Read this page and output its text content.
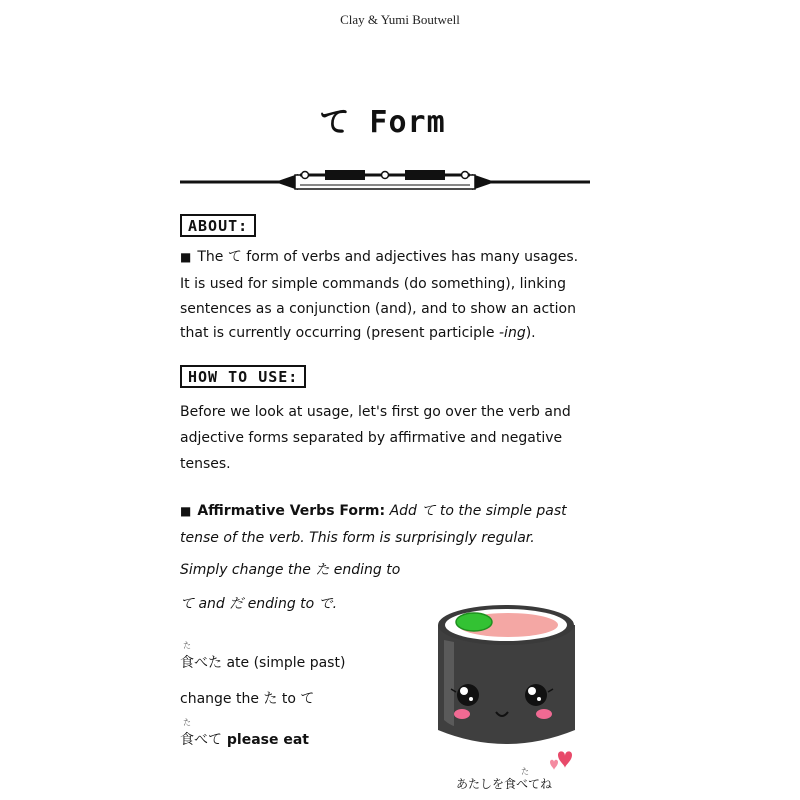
Clay & Yumi Boutwell
て Form
ABOUT:
■ The て form of verbs and adjectives has many usages.
It is used for simple commands (do something), linking
sentences as a conjunction (and), and to show an action
that is currently occurring (present participle -ing).
HOW TO USE:
Before we look at usage, let's first go over the verb and
adjective forms separated by affirmative and negative
tenses.
■ Affirmative Verbs Form: Add て to the simple past
tense of the verb. This form is surprisingly regular.
Simply change the た ending to
て and だ ending to で.
た
食べた ate (simple past)
change the た to て
た
食べて please eat
た
あたしを食べてね
